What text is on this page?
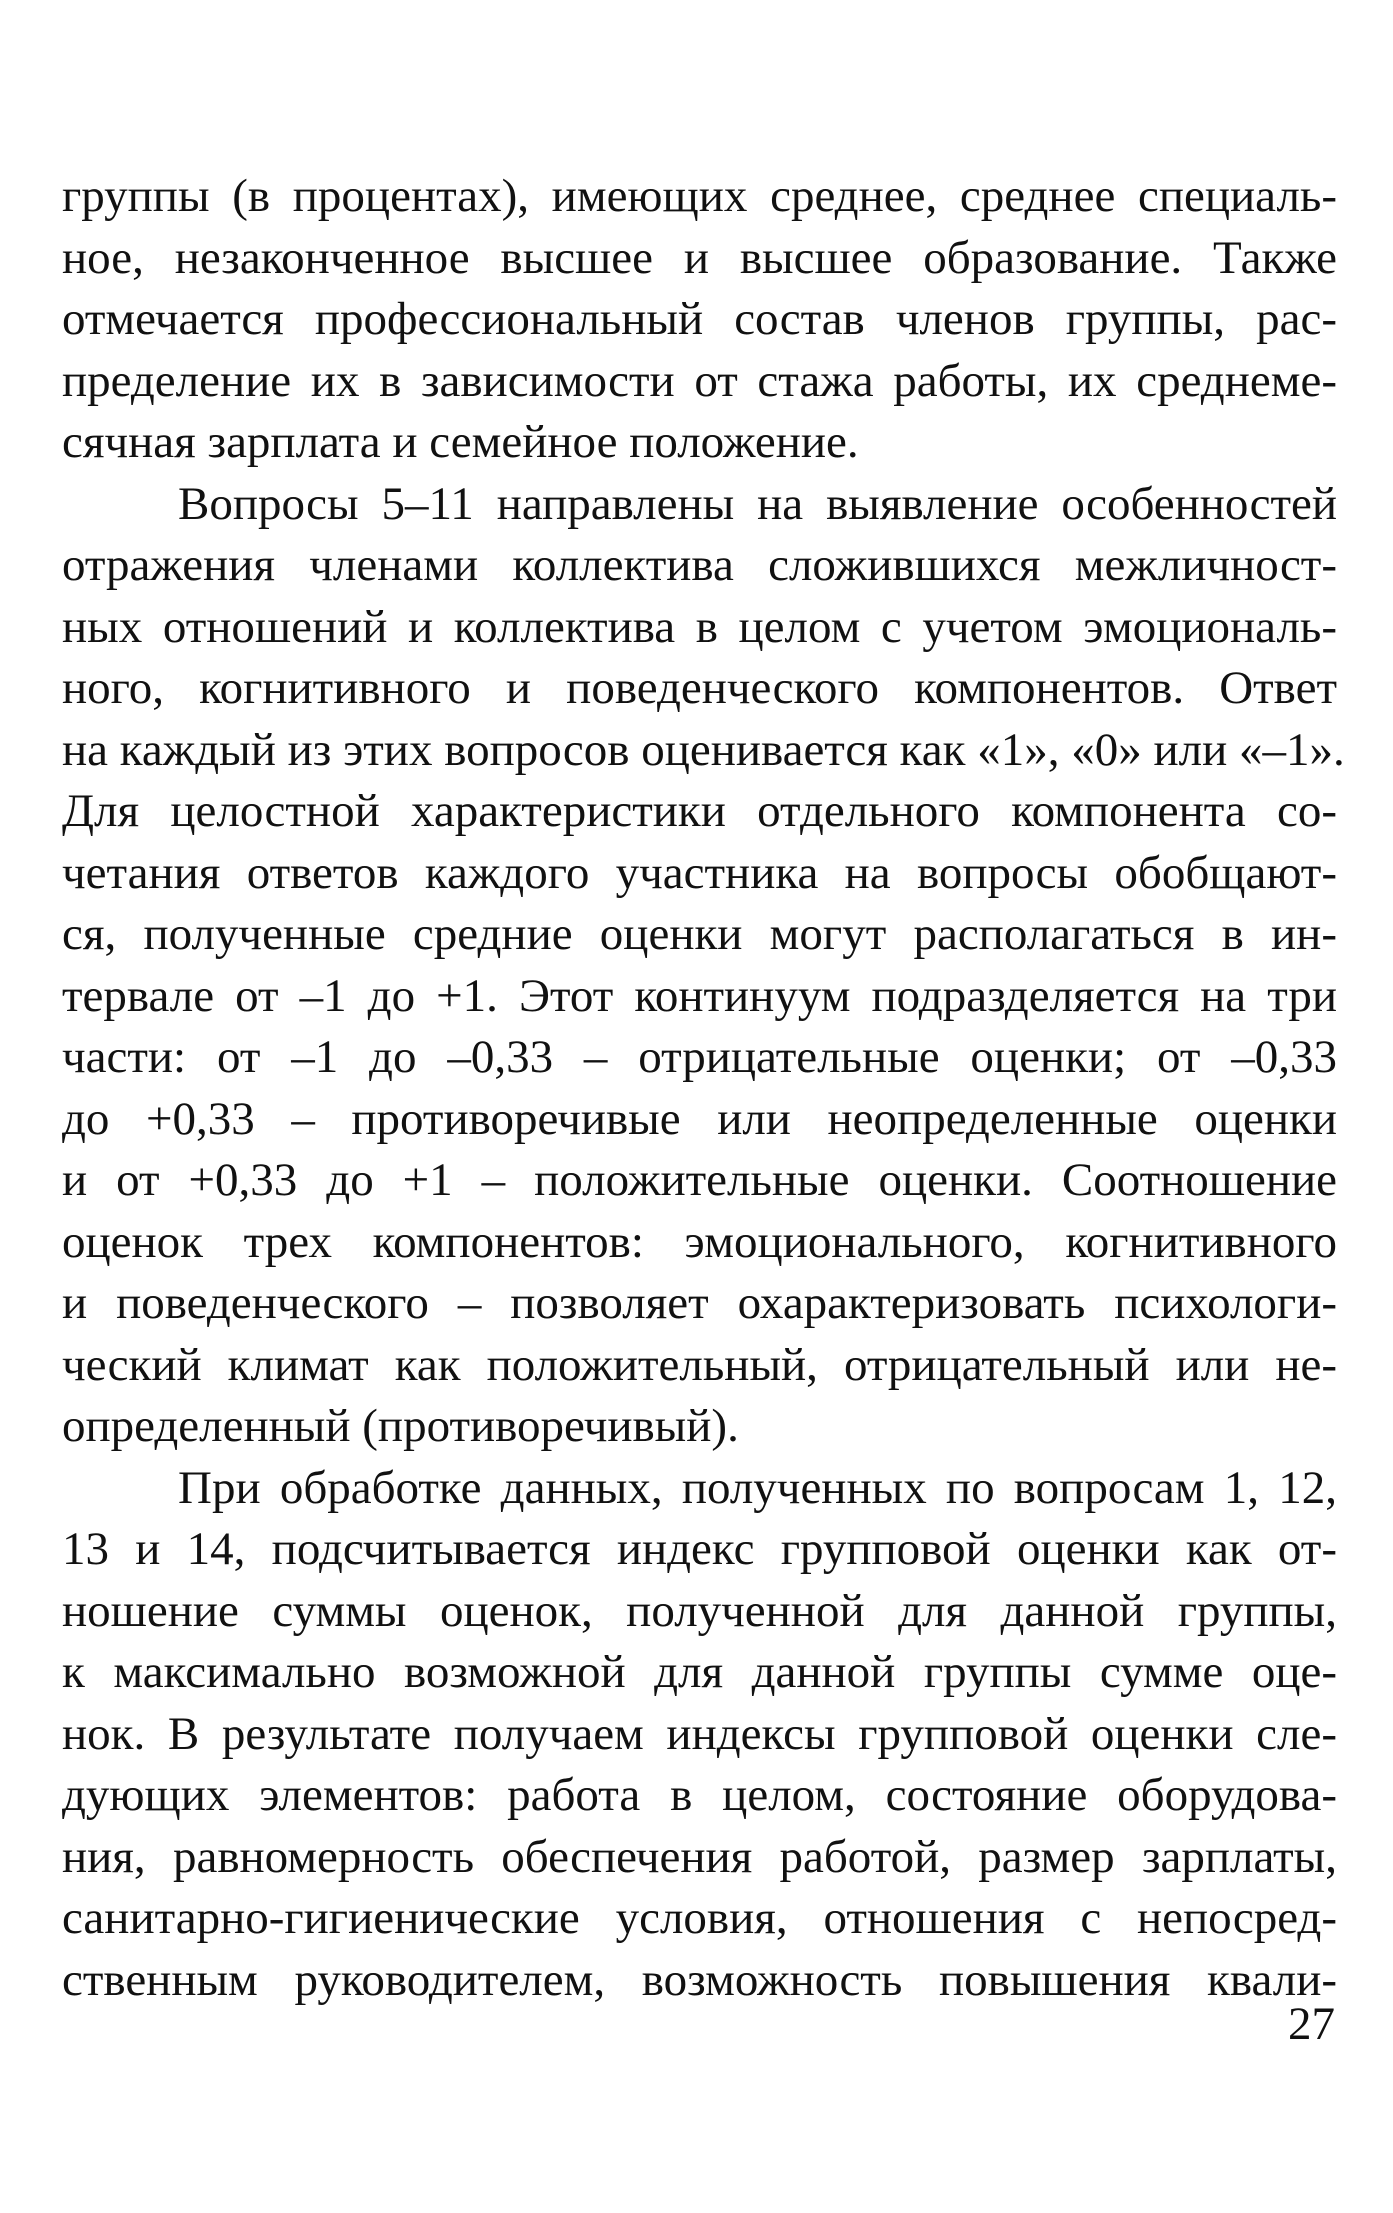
группы (в процентах), имеющих среднее, среднее специаль-
ное, незаконченное высшее и высшее образование. Также
отмечается профессиональный состав членов группы, рас-
пределение их в зависимости от стажа работы, их среднеме-
сячная зарплата и семейное положение.
Вопросы 5–11 направлены на выявление особенностей
отражения членами коллектива сложившихся межличност-
ных отношений и коллектива в целом с учетом эмоциональ-
ного, когнитивного и поведенческого компонентов. Ответ
на каждый из этих вопросов оценивается как «1», «0» или «–1».
Для целостной характеристики отдельного компонента со-
четания ответов каждого участника на вопросы обобщают-
ся, полученные средние оценки могут располагаться в ин-
тервале от –1 до +1. Этот континуум подразделяется на три
части: от –1 до –0,33 – отрицательные оценки; от –0,33
до +0,33 – противоречивые или неопределенные оценки
и от +0,33 до +1 – положительные оценки. Соотношение
оценок трех компонентов: эмоционального, когнитивного
и поведенческого – позволяет охарактеризовать психологи-
ческий климат как положительный, отрицательный или не-
определенный (противоречивый).
При обработке данных, полученных по вопросам 1, 12,
13 и 14, подсчитывается индекс групповой оценки как от-
ношение суммы оценок, полученной для данной группы,
к максимально возможной для данной группы сумме оце-
нок. В результате получаем индексы групповой оценки сле-
дующих элементов: работа в целом, состояние оборудова-
ния, равномерность обеспечения работой, размер зарплаты,
санитарно-гигиенические условия, отношения с непосред-
ственным руководителем, возможность повышения квали-
27
